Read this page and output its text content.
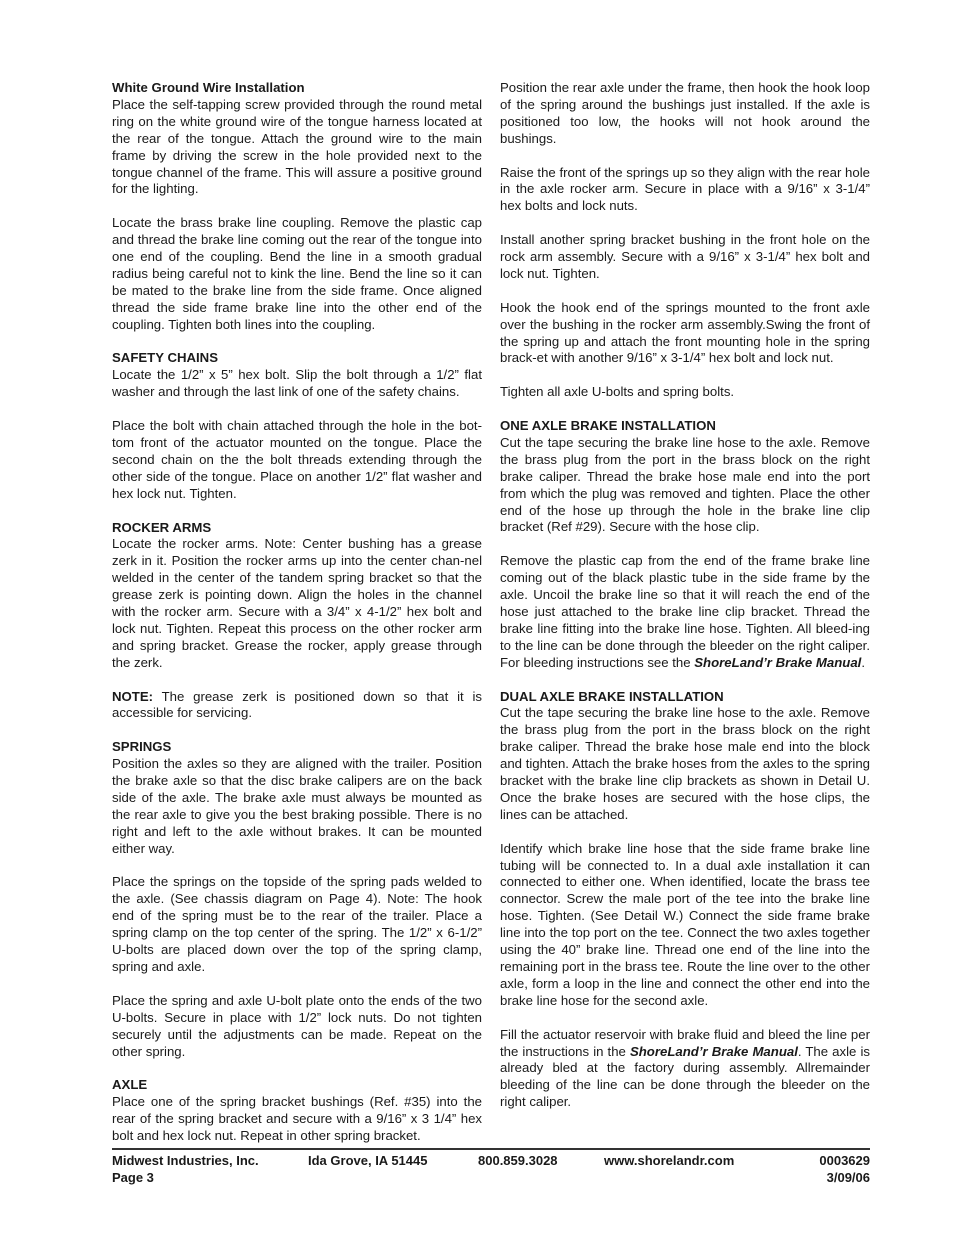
White Ground Wire Installation

Place the self-tapping screw provided through the round metal ring on the white ground wire of the tongue harness located at the rear of the tongue. Attach the ground wire to the main frame by driving the screw in the hole provided next to the tongue channel of the frame. This will assure a positive ground for the lighting.

Locate the brass brake line coupling. Remove the plastic cap and thread the brake line coming out the rear of the tongue into one end of the coupling. Bend the line in a smooth gradual radius being careful not to kink the line. Bend the line so it can be mated to the brake line from the side frame. Once aligned thread the side frame brake line into the other end of the coupling. Tighten both lines into the coupling.

SAFETY CHAINS

Locate the 1/2” x 5” hex bolt. Slip the bolt through a 1/2” flat washer and through the last link of one of the safety chains.

Place the bolt with chain attached through the hole in the bot-tom front of the actuator mounted on the tongue. Place the second chain on the the bolt threads extending through the other side of the tongue. Place on another 1/2” flat washer and hex lock nut. Tighten.

ROCKER ARMS

Locate the rocker arms. Note: Center bushing has a grease zerk in it. Position the rocker arms up into the center chan-nel welded in the center of the tandem spring bracket so that the grease zerk is pointing down. Align the holes in the channel with the rocker arm. Secure with a 3/4” x 4-1/2” hex bolt and lock nut. Tighten. Repeat this process on the other rocker arm and spring bracket. Grease the rocker, apply grease through the zerk.

NOTE: The grease zerk is positioned down so that it is accessible for servicing.

SPRINGS

Position the axles so they are aligned with the trailer. Position the brake axle so that the disc brake calipers are on the back side of the axle. The brake axle must always be mounted as the rear axle to give you the best braking possible. There is no right and left to the axle without brakes. It can be mounted either way.

Place the springs on the topside of the spring pads welded to the axle. (See chassis diagram on Page 4). Note: The hook end of the spring must be to the rear of the trailer. Place a spring clamp on the top center of the spring. The 1/2” x 6-1/2” U-bolts are placed down over the top of the spring clamp, spring and axle.

Place the spring and axle U-bolt plate onto the ends of the two U-bolts. Secure in place with 1/2” lock nuts. Do not tighten securely until the adjustments can be made. Repeat on the other spring.

AXLE

Place one of the spring bracket bushings (Ref. #35) into the rear of the spring bracket and secure with a 9/16” x 3 1/4” hex bolt and hex lock nut. Repeat in other spring bracket.

Position the rear axle under the frame, then hook the hook loop of the spring around the bushings just installed. If the axle is positioned too low, the hooks will not hook around the bushings.

Raise the front of the springs up so they align with the rear hole in the axle rocker arm. Secure in place with a 9/16” x 3-1/4” hex bolts and lock nuts.

Install another spring bracket bushing in the front hole on the rock arm assembly. Secure with a 9/16” x 3-1/4” hex bolt and lock nut. Tighten.

Hook the hook end of the springs mounted to the front axle over the bushing in the rocker arm assembly.Swing the front of the spring up and attach the front mounting hole in the spring brack-et with another 9/16” x 3-1/4” hex bolt and lock nut.

Tighten all axle U-bolts and spring bolts.

ONE AXLE BRAKE INSTALLATION

Cut the tape securing the brake line hose to the axle. Remove the brass plug from the port in the brass block on the right brake caliper. Thread the brake hose male end into the port from which the plug was removed and tighten. Place the other end of the hose up through the hole in the brake line clip bracket (Ref #29). Secure with the hose clip.

Remove the plastic cap from the end of the frame brake line coming out of the black plastic tube in the side frame by the axle. Uncoil the brake line so that it will reach the end of the hose just attached to the brake line clip bracket. Thread the brake line fitting into the brake line hose. Tighten. All bleed-ing to the line can be done through the bleeder on the right caliper. For bleeding instructions see the ShoreLand’r Brake Manual.

DUAL AXLE BRAKE INSTALLATION

Cut the tape securing the brake line hose to the axle. Remove the brass plug from the port in the brass block on the right brake caliper. Thread the brake hose male end into the block and tighten. Attach the brake hoses from the axles to the spring bracket with the brake line clip brackets as shown in Detail U. Once the brake hoses are secured with the hose clips, the lines can be attached.

Identify which brake line hose that the side frame brake line tubing will be connected to. In a dual axle installation it can connected to either one. When identified, locate the brass tee connector. Screw the male port of the tee into the brake line hose. Tighten. (See Detail W.) Connect the side frame brake line into the top port on the tee. Connect the two axles together using the 40” brake line. Thread one end of the line into the remaining port in the brass tee. Route the line over to the other axle, form a loop in the line and connect the other end into the brake line hose for the second axle.

Fill the actuator reservoir with brake fluid and bleed the line per the instructions in the ShoreLand’r Brake Manual. The axle is already bled at the factory during assembly. Allremainder bleeding of the line can be done through the bleeder on the right caliper.

Midwest Industries, Inc.	Ida Grove, IA 51445	800.859.3028	www.shorelandr.com	0003629
Page 3	3/09/06
